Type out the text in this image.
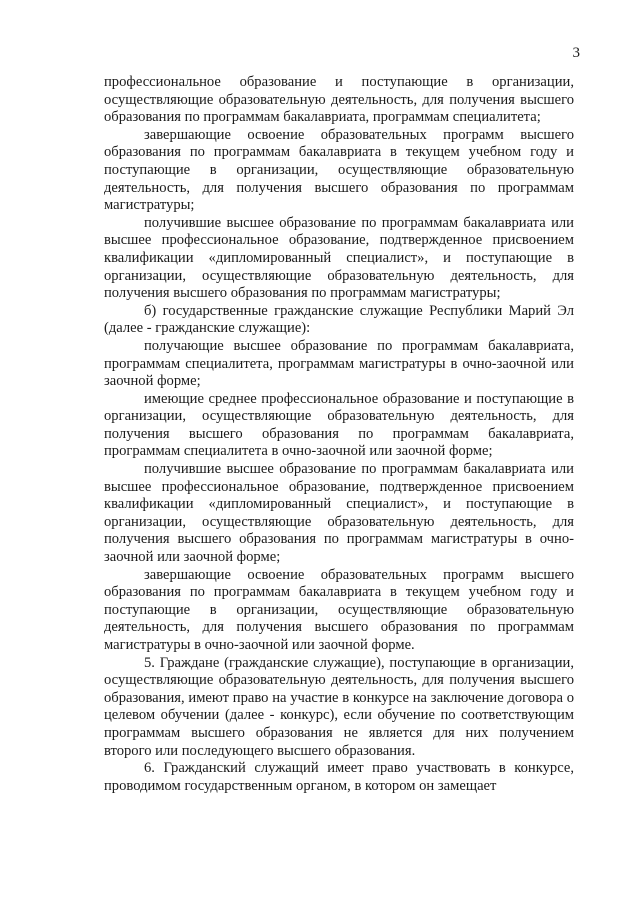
3

профессиональное образование и поступающие в организации, осуществляющие образовательную деятельность, для получения высшего образования по программам бакалавриата, программам специалитета;

завершающие освоение образовательных программ высшего образования по программам бакалавриата в текущем учебном году и поступающие в организации, осуществляющие образовательную деятельность, для получения высшего образования по программам магистратуры;

получившие высшее образование по программам бакалавриата или высшее профессиональное образование, подтвержденное присвоением квалификации «дипломированный специалист», и поступающие в организации, осуществляющие образовательную деятельность, для получения высшего образования по программам магистратуры;

б) государственные гражданские служащие Республики Марий Эл (далее - гражданские служащие):

получающие высшее образование по программам бакалавриата, программам специалитета, программам магистратуры в очно-заочной или заочной форме;

имеющие среднее профессиональное образование и поступающие в организации, осуществляющие образовательную деятельность, для получения высшего образования по программам бакалавриата, программам специалитета в очно-заочной или заочной форме;

получившие высшее образование по программам бакалавриата или высшее профессиональное образование, подтвержденное присвоением квалификации «дипломированный специалист», и поступающие в организации, осуществляющие образовательную деятельность, для получения высшего образования по программам магистратуры в очно-заочной или заочной форме;

завершающие освоение образовательных программ высшего образования по программам бакалавриата в текущем учебном году и поступающие в организации, осуществляющие образовательную деятельность, для получения высшего образования по программам магистратуры в очно-заочной или заочной форме.

5. Граждане (гражданские служащие), поступающие в организации, осуществляющие образовательную деятельность, для получения высшего образования, имеют право на участие в конкурсе на заключение договора о целевом обучении (далее - конкурс), если обучение по соответствующим программам высшего образования не является для них получением второго или последующего высшего образования.

6. Гражданский служащий имеет право участвовать в конкурсе, проводимом государственным органом, в котором он замещает
